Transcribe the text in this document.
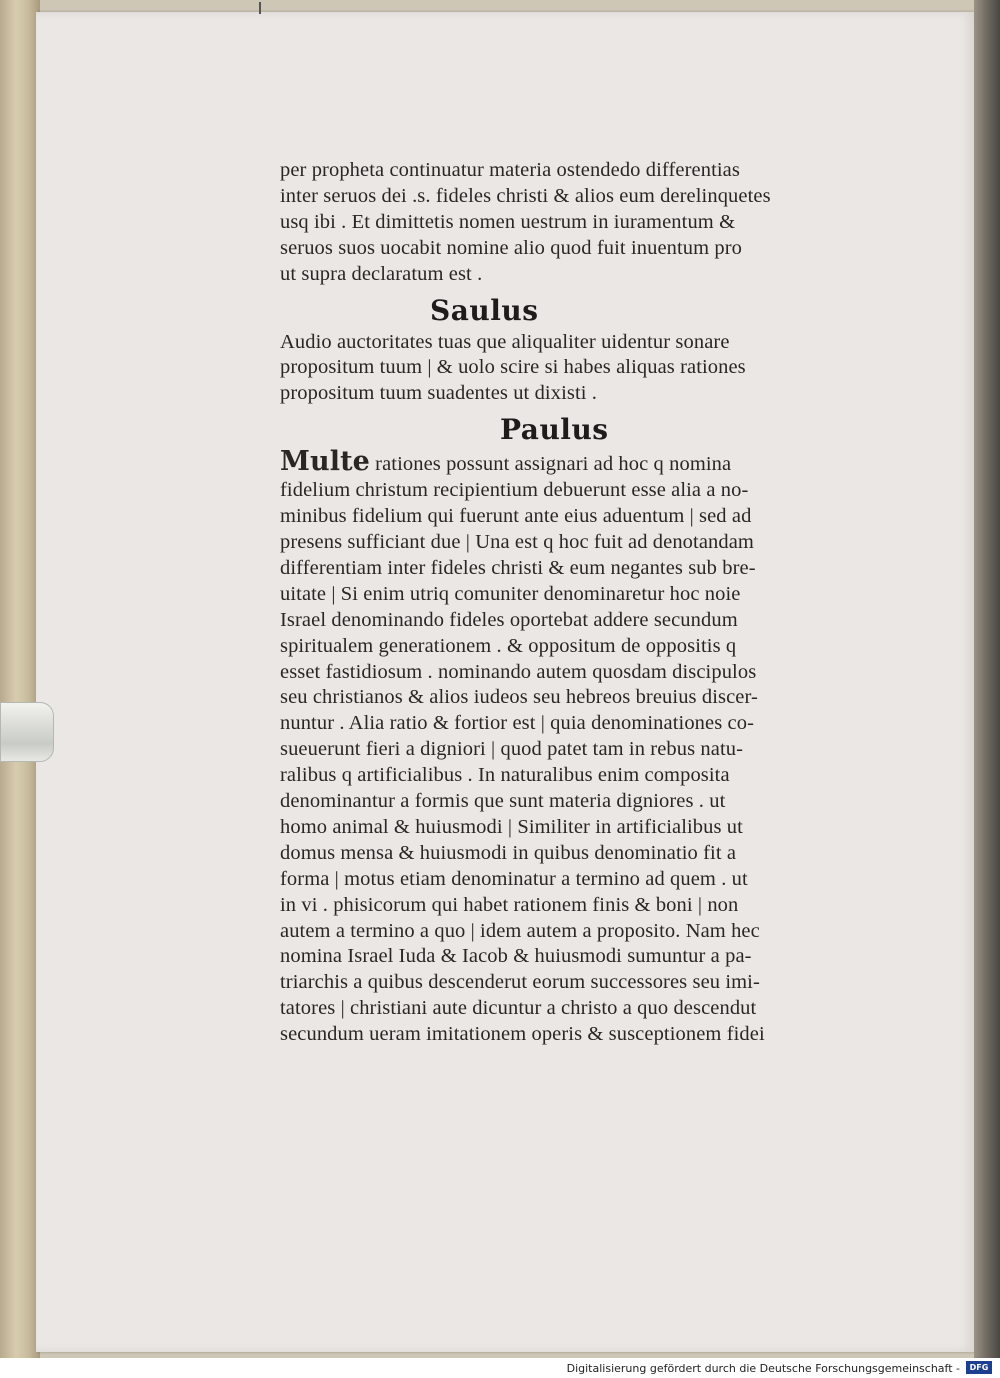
per propheta continuatur materia ostendedo differentias
inter seruos dei .s. fideles christi & alios eum derelinquetes
usq ibi . Et dimittetis nomen uestrum in iuramentum &
seruos suos uocabit nomine alio quod fuit inuentum pro
ut supra declaratum est .
Saulus
Audio auctoritates tuas que aliqualiter uidentur sonare
propositum tuum | & uolo scire si habes aliquas rationes
propositum tuum suadentes ut dixisti .
Paulus
Multe rationes possunt assignari ad hoc q nomina
fidelium christum recipientium debuerunt esse alia a no-
minibus fidelium qui fuerunt ante eius aduentum | sed ad
presens sufficiant due | Una est q hoc fuit ad denotandam
differentiam inter fideles christi & eum negantes sub bre-
uitate | Si enim utriq comuniter denominaretur hoc noie
Israel denominando fideles oportebat addere secundum
spiritualem generationem . & oppositum de oppositis q
esset fastidiosum . nominando autem quosdam discipulos
seu christianos & alios iudeos seu hebreos breuius discer-
nuntur . Alia ratio & fortior est | quia denominationes co-
sueuerunt fieri a digniori | quod patet tam in rebus natu-
ralibus q artificialibus . In naturalibus enim composita
denominantur a formis que sunt materia digniores . ut
homo animal & huiusmodi | Similiter in artificialibus ut
domus mensa & huiusmodi in quibus denominatio fit a
forma | motus etiam denominatur a termino ad quem . ut
in vi . phisicorum qui habet rationem finis & boni | non
autem a termino a quo | idem autem a proposito. Nam hec
nomina Israel Iuda & Iacob & huiusmodi sumuntur a pa-
triarchis a quibus descenderut eorum successores seu imi-
tatores | christiani aute dicuntur a christo a quo descendut
secundum ueram imitationem operis & susceptionem fidei
Digitalisierung gefördert durch die Deutsche Forschungsgemeinschaft -	DFG
